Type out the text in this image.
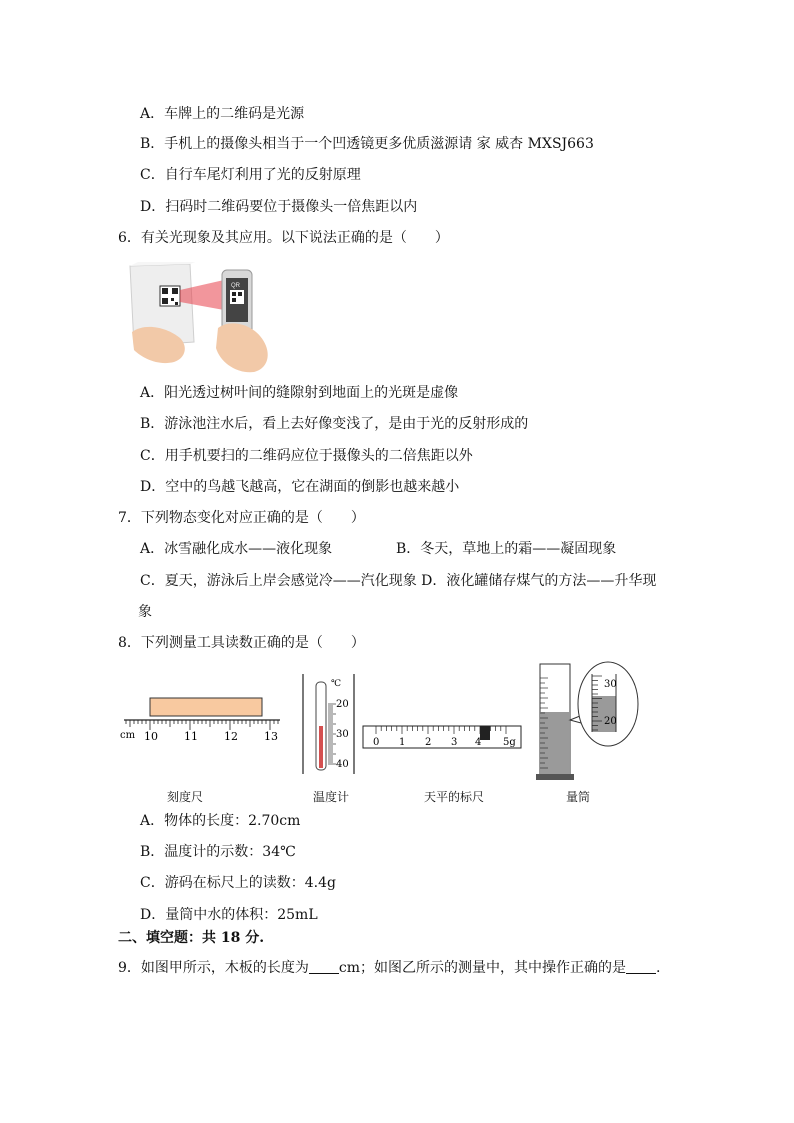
A．车牌上的二维码是光源
B．手机上的摄像头相当于一个凹透镜更多优质滋源请 家 威杏 MXSJ663
C．自行车尾灯利用了光的反射原理
D．扫码时二维码要位于摄像头一倍焦距以内
6．有关光现象及其应用。以下说法正确的是（　　）
QR
A．阳光透过树叶间的缝隙射到地面上的光斑是虚像
B．游泳池注水后，看上去好像变浅了，是由于光的反射形成的
C．用手机要扫的二维码应位于摄像头的二倍焦距以外
D．空中的鸟越飞越高，它在湖面的倒影也越来越小
7．下列物态变化对应正确的是（　　）
A．冰雪融化成水——液化现象	B．冬天，草地上的霜——凝固现象
C．夏天，游泳后上岸会感觉冷——汽化现象 D．液化罐储存煤气的方法——升华现
象
8．下列测量工具读数正确的是（　　）
cm 10 11 12 13
刻度尺
℃
20
30
40
温度计
0 1 2 3 4 5g
天平的标尺
30
20
量筒
A．物体的长度：2.70cm
B．温度计的示数：34℃
C．游码在标尺上的读数：4.4g
D．量筒中水的体积：25mL
二、填空题：共 18 分.
9．如图甲所示，木板的长度为 cm；如图乙所示的测量中，其中操作正确的是 .
